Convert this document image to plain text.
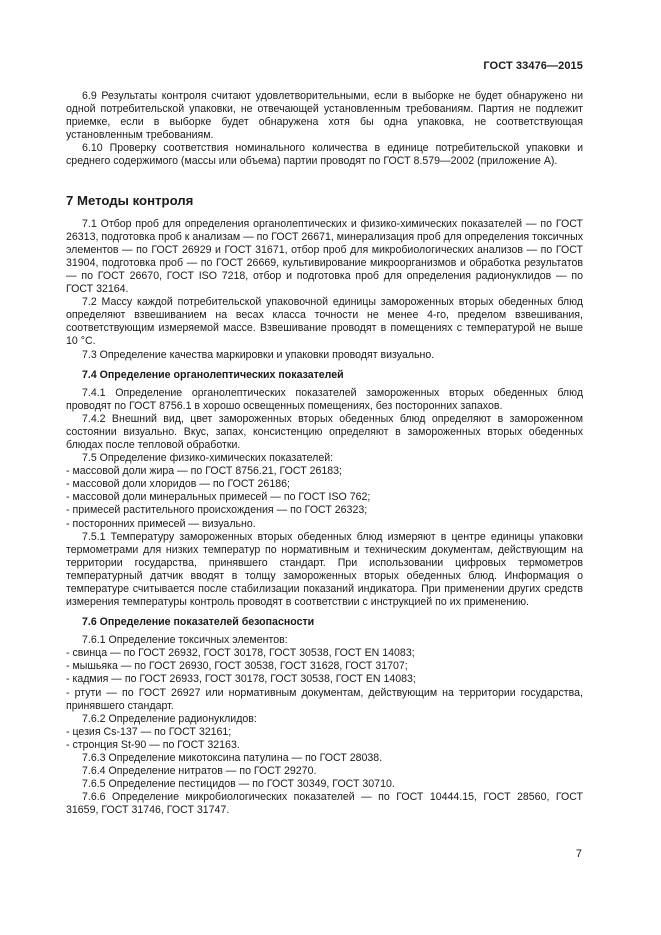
ГОСТ 33476—2015

6.9 Результаты контроля считают удовлетворительными, если в выборке не будет обнаружено ни одной потребительской упаковки, не отвечающей установленным требованиям. Партия не подлежит приемке, если в выборке будет обнаружена хотя бы одна упаковка, не соответствующая установленным требованиям.

6.10 Проверку соответствия номинального количества в единице потребительской упаковки и среднего содержимого (массы или объема) партии проводят по ГОСТ 8.579—2002 (приложение А).

7 Методы контроля

7.1 Отбор проб для определения органолептических и физико-химических показателей — по ГОСТ 26313, подготовка проб к анализам — по ГОСТ 26671, минерализация проб для определения токсичных элементов — по ГОСТ 26929 и ГОСТ 31671, отбор проб для микробиологических анализов — по ГОСТ 31904, подготовка проб — по ГОСТ 26669, культивирование микроорганизмов и обработка результатов — по ГОСТ 26670, ГОСТ ISO 7218, отбор и подготовка проб для определения радионуклидов — по ГОСТ 32164.

7.2 Массу каждой потребительской упаковочной единицы замороженных вторых обеденных блюд определяют взвешиванием на весах класса точности не менее 4-го, пределом взвешивания, соответствующим измеряемой массе. Взвешивание проводят в помещениях с температурой не выше 10 °С.

7.3 Определение качества маркировки и упаковки проводят визуально.

7.4 Определение органолептических показателей

7.4.1 Определение органолептических показателей замороженных вторых обеденных блюд проводят по ГОСТ 8756.1 в хорошо освещенных помещениях, без посторонних запахов.

7.4.2 Внешний вид, цвет замороженных вторых обеденных блюд определяют в замороженном состоянии визуально. Вкус, запах, консистенцию определяют в замороженных вторых обеденных блюдах после тепловой обработки.

7.5 Определение физико-химических показателей:

- массовой доли жира — по ГОСТ 8756.21, ГОСТ 26183;

- массовой доли хлоридов — по ГОСТ 26186;

- массовой доли минеральных примесей — по ГОСТ ISO 762;

- примесей растительного происхождения — по ГОСТ 26323;

- посторонних примесей — визуально.

7.5.1 Температуру замороженных вторых обеденных блюд измеряют в центре единицы упаковки термометрами для низких температур по нормативным и техническим документам, действующим на территории государства, принявшего стандарт. При использовании цифровых термометров температурный датчик вводят в толщу замороженных вторых обеденных блюд. Информация о температуре считывается после стабилизации показаний индикатора. При применении других средств измерения температуры контроль проводят в соответствии с инструкцией по их применению.

7.6 Определение показателей безопасности

7.6.1 Определение токсичных элементов:

- свинца — по ГОСТ 26932, ГОСТ 30178, ГОСТ 30538, ГОСТ EN 14083;

- мышьяка — по ГОСТ 26930, ГОСТ 30538, ГОСТ 31628, ГОСТ 31707;

- кадмия — по ГОСТ 26933, ГОСТ 30178, ГОСТ 30538, ГОСТ EN 14083;

- ртути — по ГОСТ 26927 или нормативным документам, действующим на территории государства, принявшего стандарт.

7.6.2 Определение радионуклидов:

- цезия Cs-137 — по ГОСТ 32161;

- стронция St-90 — по ГОСТ 32163.

7.6.3 Определение микотоксина патулина — по ГОСТ 28038.

7.6.4 Определение нитратов — по ГОСТ 29270.

7.6.5 Определение пестицидов — по ГОСТ 30349, ГОСТ 30710.

7.6.6 Определение микробиологических показателей — по ГОСТ 10444.15, ГОСТ 28560, ГОСТ 31659, ГОСТ 31746, ГОСТ 31747.

7
